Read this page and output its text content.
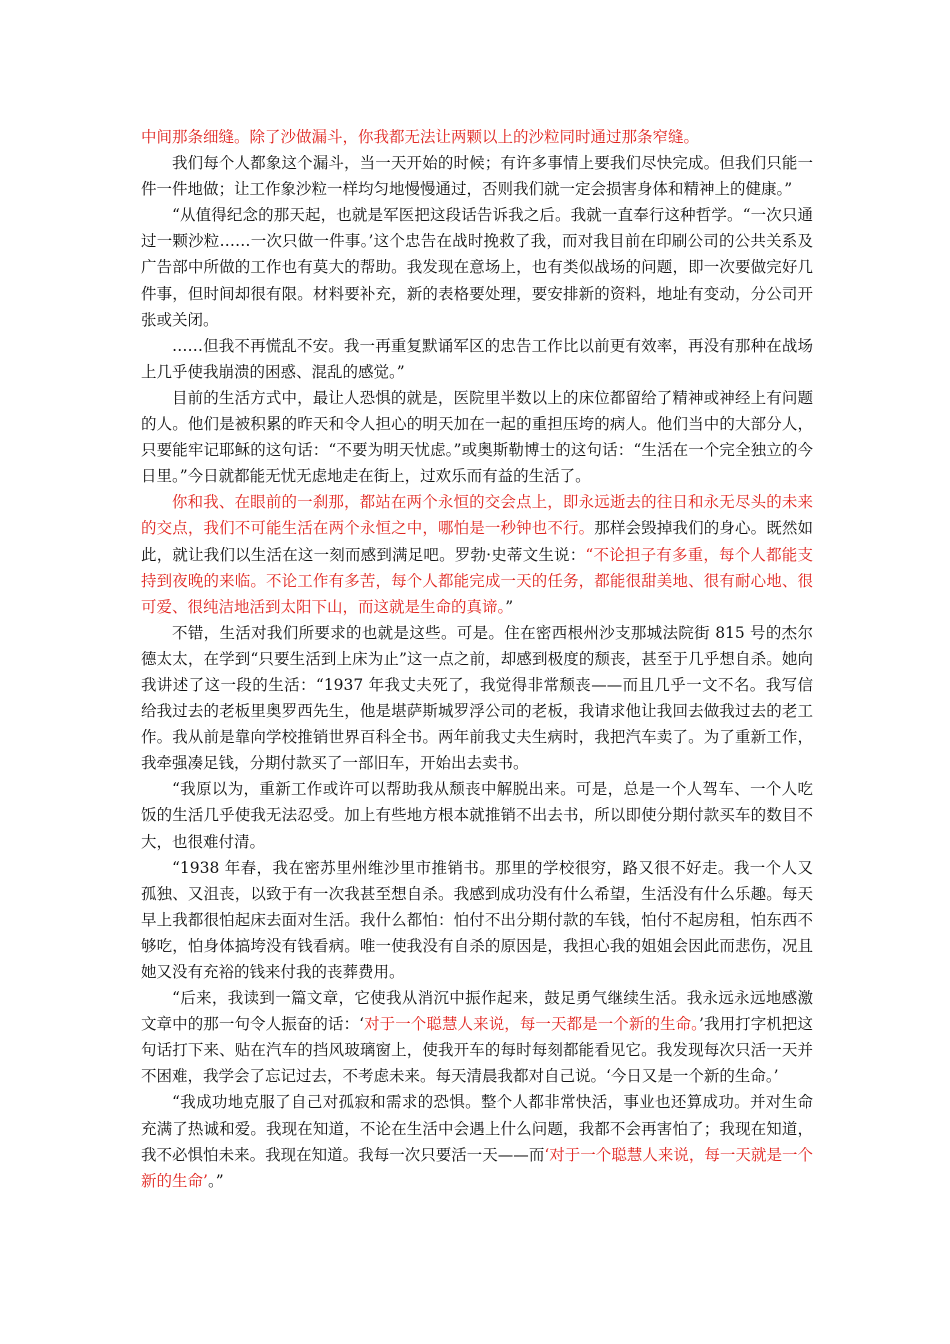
中间那条细缝。除了沙做漏斗，你我都无法让两颗以上的沙粒同时通过那条窄缝。

我们每个人都象这个漏斗，当一天开始的时候；有许多事情上要我们尽快完成。但我们只能一件一件地做；让工作象沙粒一样均匀地慢慢通过，否则我们就一定会损害身体和精神上的健康。”

“从值得纪念的那天起，也就是军医把这段话告诉我之后。我就一直奉行这种哲学。“一次只通过一颗沙粒……一次只做一件事。’这个忠告在战时挽救了我，而对我目前在印刷公司的公共关系及广告部中所做的工作也有莫大的帮助。我发现在意场上，也有类似战场的问题，即一次要做完好几件事，但时间却很有限。材料要补充，新的表格要处理，要安排新的资料，地址有变动，分公司开张或关闭。

……但我不再慌乱不安。我一再重复默诵军区的忠告工作比以前更有效率，再没有那种在战场上几乎使我崩溃的困惑、混乱的感觉。”

目前的生活方式中，最让人恐惧的就是，医院里半数以上的床位都留给了精神或神经上有问题的人。他们是被积累的昨天和令人担心的明天加在一起的重担压垮的病人。他们当中的大部分人，只要能牢记耶稣的这句话：“不要为明天忧虑。”或奥斯勒博士的这句话：“生活在一个完全独立的今日里。”今日就都能无忧无虑地走在街上，过欢乐而有益的生活了。

你和我、在眼前的一刹那，都站在两个永恒的交会点上，即永远逝去的往日和永无尽头的未来的交点，我们不可能生活在两个永恒之中，哪怕是一秒钟也不行。那样会毁掉我们的身心。既然如此，就让我们以生活在这一刻而感到满足吧。罗勃·史蒂文生说：“不论担子有多重，每个人都能支持到夜晚的来临。不论工作有多苦，每个人都能完成一天的任务，都能很甜美地、很有耐心地、很可爱、很纯洁地活到太阳下山，而这就是生命的真谛。”

不错，生活对我们所要求的也就是这些。可是。住在密西根州沙支那城法院街 815 号的杰尔德太太，在学到“只要生活到上床为止”这一点之前，却感到极度的颓丧，甚至于几乎想自杀。她向我讲述了这一段的生活：“1937 年我丈夫死了，我觉得非常颓丧——而且几乎一文不名。我写信给我过去的老板里奥罗西先生，他是堪萨斯城罗浮公司的老板，我请求他让我回去做我过去的老工作。我从前是靠向学校推销世界百科全书。两年前我丈夫生病时，我把汽车卖了。为了重新工作，我牵强凑足钱，分期付款买了一部旧车，开始出去卖书。

“我原以为，重新工作或许可以帮助我从颓丧中解脱出来。可是，总是一个人驾车、一个人吃饭的生活几乎使我无法忍受。加上有些地方根本就推销不出去书，所以即使分期付款买车的数目不大，也很难付清。

“1938 年春，我在密苏里州维沙里市推销书。那里的学校很穷，路又很不好走。我一个人又孤独、又沮丧，以致于有一次我甚至想自杀。我感到成功没有什么希望，生活没有什么乐趣。每天早上我都很怕起床去面对生活。我什么都怕：怕付不出分期付款的车钱，怕付不起房租，怕东西不够吃，怕身体搞垮没有钱看病。唯一使我没有自杀的原因是，我担心我的姐姐会因此而悲伤，况且她又没有充裕的钱来付我的丧葬费用。

“后来，我读到一篇文章，它使我从消沉中振作起来，鼓足勇气继续生活。我永远永远地感激文章中的那一句令人振奋的话：‘对于一个聪慧人来说，每一天都是一个新的生命。’我用打字机把这句话打下来、贴在汽车的挡风玻璃窗上，使我开车的每时每刻都能看见它。我发现每次只活一天并不困难，我学会了忘记过去，不考虑未来。每天清晨我都对自己说。‘今日又是一个新的生命。’

“我成功地克服了自己对孤寂和需求的恐惧。整个人都非常快活，事业也还算成功。并对生命充满了热诚和爱。我现在知道，不论在生活中会遇上什么问题，我都不会再害怕了；我现在知道，我不必惧怕未来。我现在知道。我每一次只要活一天——而‘对于一个聪慧人来说，每一天就是一个新的生命’。”
